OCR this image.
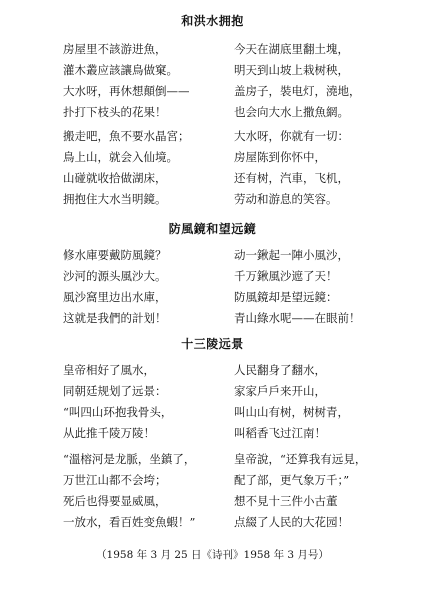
和洪水拥抱
房屋里不該游进魚，
灌木叢应該讓鳥做窠。
大水呀，再休想顛倒——
扑打下枝头的花果！
今天在湖底里翻土塊，
明天到山坡上栽树秧，
盖房子，裝电灯，澆地，
也会向大水上撒魚網。
搬走吧，魚不要水晶宮；
鳥上山，就会入仙境。
山碰就收拾做湖床，
拥抱住大水当明鏡。
大水呀，你就有一切：
房屋陈到你怀中，
还有树，汽車，飞机，
劳动和游息的笑容。
防風鏡和望远鏡
修水庫要戴防風鏡？
沙河的源头風沙大。
風沙窩里边出水庫，
这就是我們的計划！
动一鍬起一陣小風沙，
千万鍬風沙遮了天！
防風鏡却是望远鏡：
青山綠水呢——在眼前！
十三陵远景
皇帝相好了風水，
同朝廷规划了远景：
“叫四山环抱我骨头，
从此推千陵万陵！
人民翻身了翻水，
家家戶戶来开山，
叫山山有树，树树青，
叫稻香飞过江南！
“溫榕河是龙脈，坐鎮了，
万世江山都不会垮；
死后也得要显威風，
一放水，看百姓变魚蝦！”
皇帝說，“还算我有远見，
配了部，更气象万千；”
想不見十三件小古董
点綴了人民的大花园！
（1958 年 3 月 25 日《诗刊》1958 年 3 月号）
